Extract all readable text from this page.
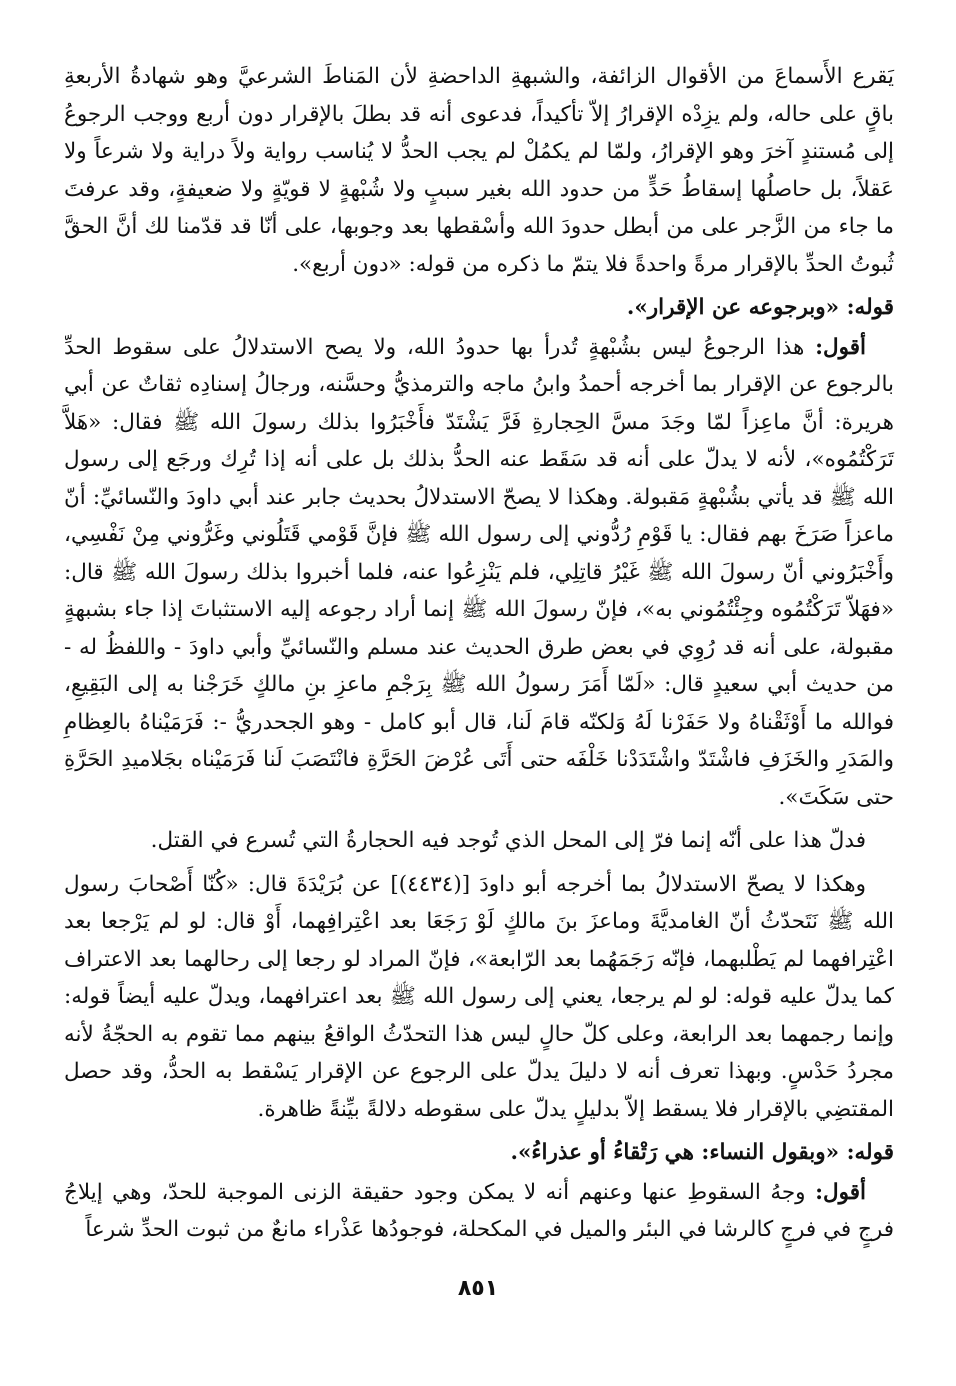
يَقرع الأَسماعَ من الأقوال الزائفة، والشبهةِ الداحضةِ لأن المَناطَ الشرعيَّ وهو شهادةُ الأربعةِ باقٍ على حاله، ولم يزِدْه الإقرارُ إلاّ تأكيداً، فدعوى أنه قد بطلَ بالإقرار دون أربع ووجب الرجوعُ إلى مُستندٍ آخرَ وهو الإقرارُ، ولمّا لم يكمُلْ لم يجب الحدُّ لا يُناسب رواية ولاً دراية ولا شرعاً ولا عَقلاً، بل حاصلُها إسقاطُ حَدٍّ من حدود الله بغير سببٍ ولا شُبْهةٍ لا قويّةٍ ولا ضعيفةٍ، وقد عرفتَ ما جاء من الزَّجر على من أبطل حدودَ الله وأسْقطها بعد وجوبها، على أنّا قد قدّمنا لك أنَّ الحقَّ ثُبوتُ الحدِّ بالإقرار مرةً واحدةً فلا يتمّ ما ذكره من قوله: «دون أربع».

قوله: «وبرجوعه عن الإقرار».

أقول: هذا الرجوعُ ليس بشُبْهةٍ تُدرأ بها حدودُ الله، ولا يصح الاستدلالُ على سقوط الحدِّ بالرجوع عن الإقرار بما أخرجه أحمدُ وابنُ ماجه والترمذيُّ وحسَّنه، ورجالُ إسنادِه ثقاتٌ عن أبي هريرة: أنَّ ماعِزاً لمّا وجَدَ مسَّ الحِجارةِ فَرَّ يَشْتَدّ فأَخْبَرُوا بذلك رسولَ الله ﷺ فقال: «هَلاَّ تَرَكْتُمُوه»، لأنه لا يدلّ على أنه قد سَقَط عنه الحدُّ بذلك بل على أنه إذا تُرِك ورجَع إلى رسول الله ﷺ قد يأتي بشُبْهةٍ مَقبولة. وهكذا لا يصحّ الاستدلالُ بحديث جابر عند أبي داودَ والنّسائيِّ: أنّ ماعزاً صَرَخَ بهم فقال: يا قَوْمِ رُدُّوني إلى رسول الله ﷺ فإنَّ قَوْمي قَتَلُوني وغَرُّوني مِنْ نَفْسِي، وأَخْبَرُوني أنّ رسولَ الله ﷺ غَيْرُ قاتِلِي، فلم يَنْزِعُوا عنه، فلما أخبروا بذلك رسولَ الله ﷺ قال: «فهَلاّ تَرَكْتُمُوه وجِئْتُمُوني به»، فإنّ رسولَ الله ﷺ إنما أراد رجوعه إليه الاستثباتَ إذا جاء بشبهةٍ مقبولة، على أنه قد رُوِي في بعض طرق الحديث عند مسلم والنّسائيِّ وأبي داودَ - واللفظُ له - من حديث أبي سعيدٍ قال: «لَمّا أَمَرَ رسولُ الله ﷺ بِرَجْمِ ماعزِ بنِ مالكٍ خَرَجْنا به إلى البَقِيعِ، فوالله ما أَوْثَقْناهُ ولا حَفَرْنا لَهُ وَلكنّه قامَ لَنا، قال أبو كامل - وهو الجحدريُّ -: فَرَمَيْناهُ بالعِظامِ والمَدَرِ والخَزَفِ فاشْتَدّ واشْتَدَدْنا خَلْفَه حتى أَتَى عُرْضَ الحَرَّةِ فانْتَصَبَ لَنا فَرَمَيْناه بجَلاميدِ الحَرَّةِ حتى سَكَتَ».

فدلّ هذا على أنّه إنما فرّ إلى المحل الذي تُوجد فيه الحجارةُ التي تُسرع في القتل.

وهكذا لا يصحّ الاستدلالُ بما أخرجه أبو داودَ [(٤٤٣٤)] عن بُرَيْدَةَ قال: «كُنّا أَصْحابَ رسول الله ﷺ نَتَحدّثُ أنّ الغامديَّةَ وماعزَ بنَ مالكٍ لَوْ رَجَعَا بعد اعْتِرافِهما، أَوْ قال: لو لم يَرْجعا بعد اعْتِرافهما لم يَطْلبهما، فإنّه رَجَمَهُما بعد الرّابعة»، فإنّ المراد لو رجعا إلى رحالهما بعد الاعتراف كما يدلّ عليه قوله: لو لم يرجعا، يعني إلى رسول الله ﷺ بعد اعترافهما، ويدلّ عليه أيضاً قوله: وإنما رجمهما بعد الرابعة، وعلى كلّ حالٍ ليس هذا التحدّثُ الواقعُ بينهم مما تقوم به الحجّةُ لأنه مجردُ حَدْسٍ. وبهذا تعرف أنه لا دليلَ يدلّ على الرجوع عن الإقرار يَسْقط به الحدُّ، وقد حصل المقتضِي بالإقرار فلا يسقط إلاّ بدليلٍ يدلّ على سقوطه دلالةً بيِّنةً ظاهرة.

قوله: «وبقول النساء: هي رَتْقاءُ أو عذراءُ».

أقول: وجهُ السقوطِ عنها وعنهم أنه لا يمكن وجود حقيقة الزنى الموجبة للحدّ، وهي إيلاجُ فرجٍ في فرجٍ كالرشا في البئر والميل في المكحلة، فوجودُها عَذْراء مانعٌ من ثبوت الحدِّ شرعاً

٨٥١
